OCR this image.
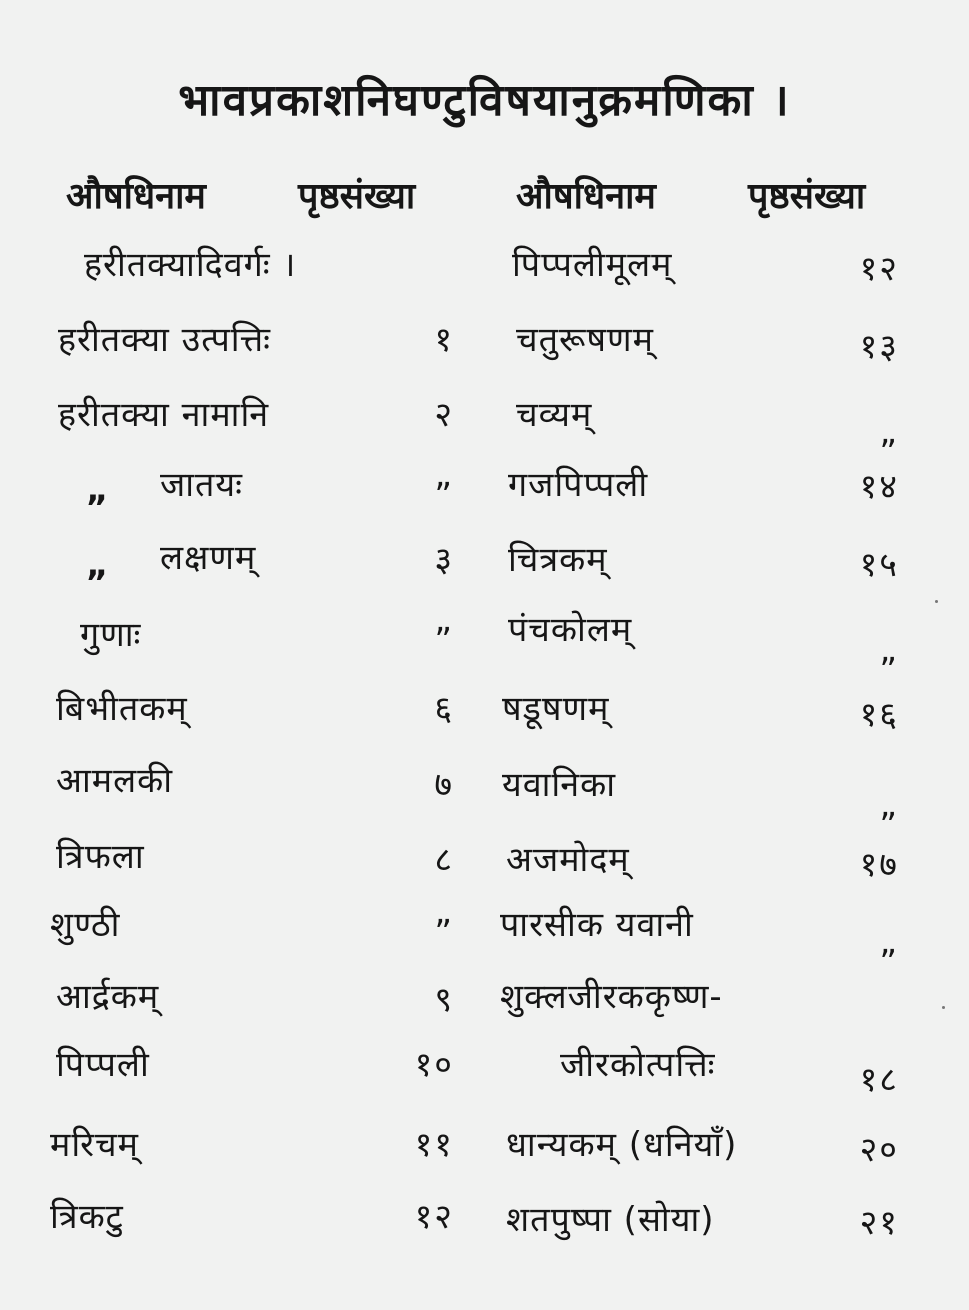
भावप्रकाशनिघण्टुविषयानुक्रमणिका ।
औषधिनाम	पृष्ठसंख्या	औषधिनाम	पृष्ठसंख्या
हरीतक्यादिवर्गः ।
हरीतक्या उत्पत्तिः	१
हरीतक्या नामानि	२
„ जातयः	„
„ लक्षणम्	३
गुणाः	„
बिभीतकम्	६
आमलकी	७
त्रिफला	८
शुण्ठी	„
आर्द्रकम्	९
पिप्पली	१०
मरिचम्	११
त्रिकटु	१२
पिप्पलीमूलम्	१२
चतुरूषणम्	१३
चव्यम्	„
गजपिप्पली	१४
चित्रकम्	१५
पंचकोलम्	„
षडूषणम्	१६
यवानिका	„
अजमोदम्	१७
पारसीक यवानी	„
शुक्लजीरककृष्ण-
जीरकोत्पत्तिः	१८
धान्यकम् (धनियाँ)	२०
शतपुष्पा (सोया)	२१
